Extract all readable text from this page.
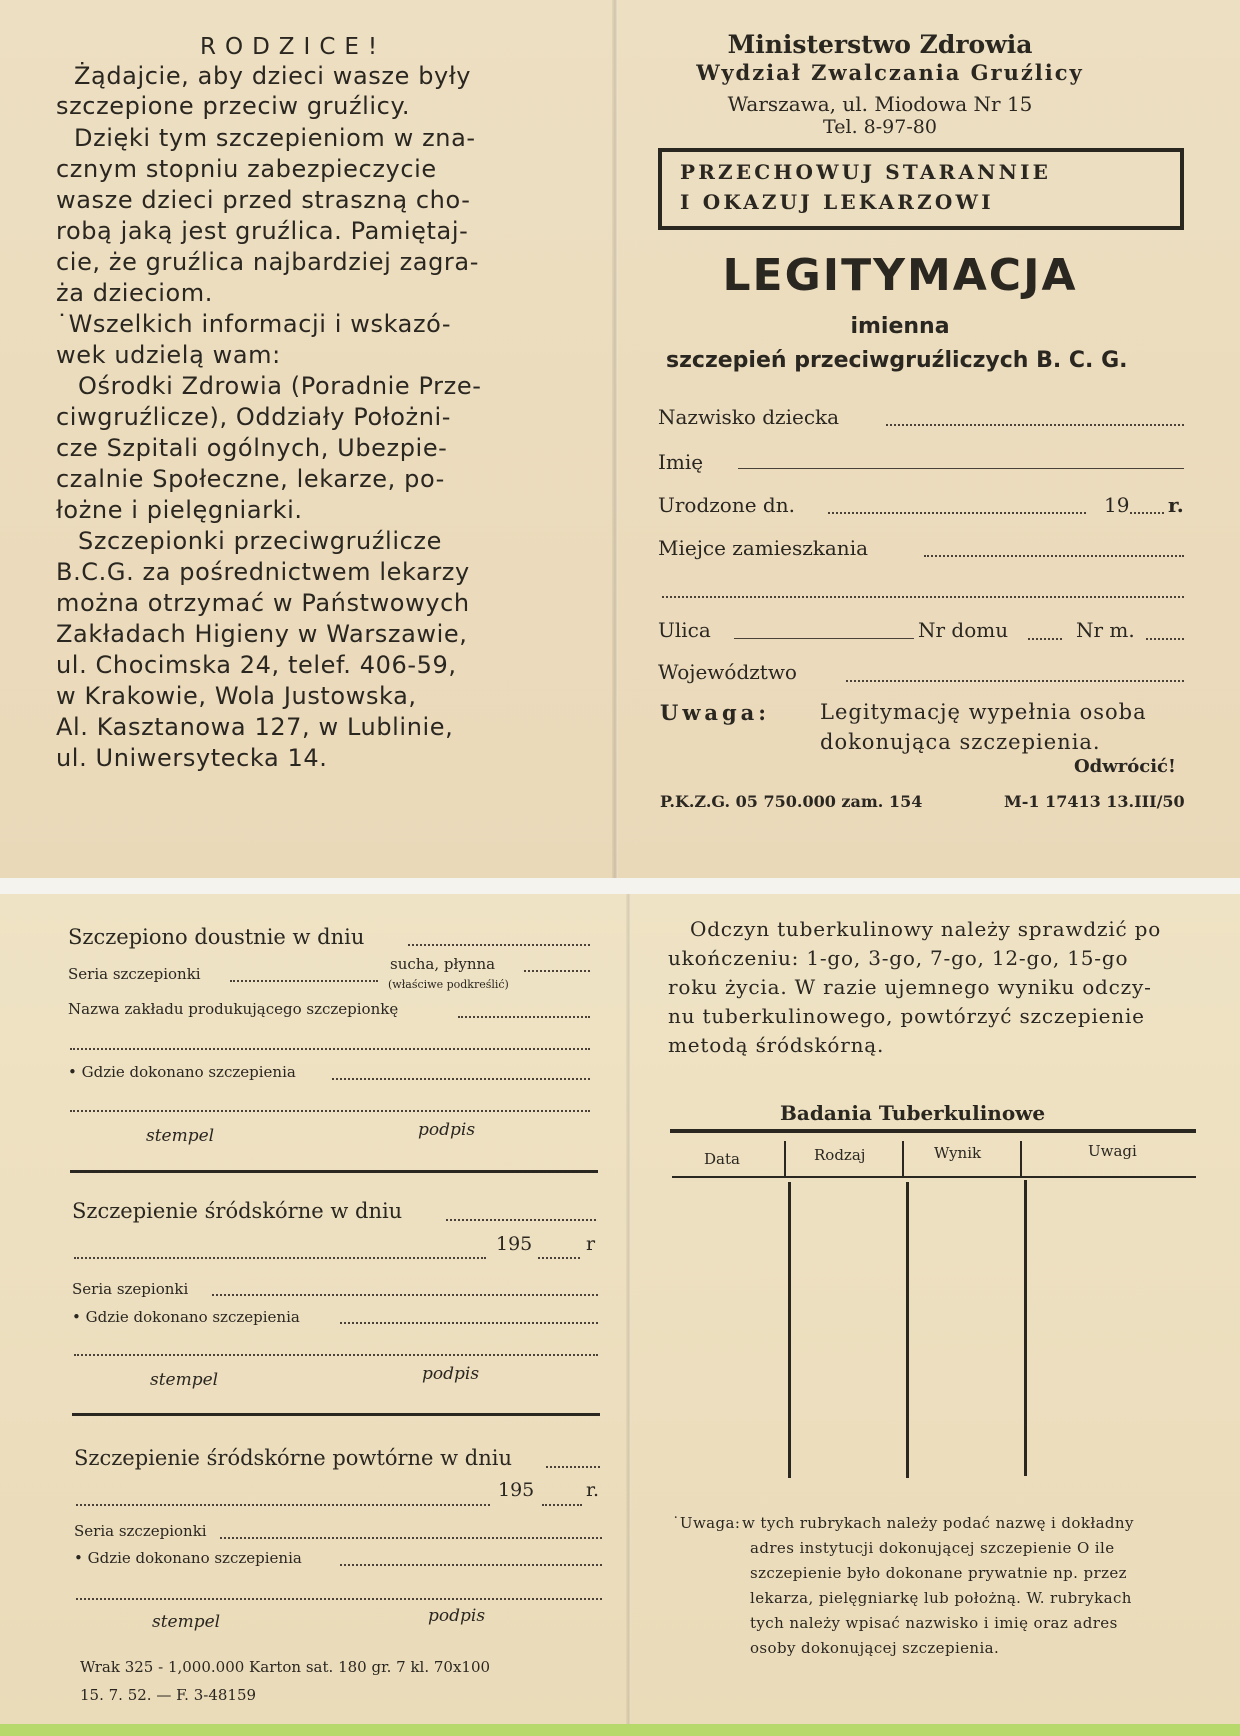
RODZICE!
Żądajcie, aby dzieci wasze były
szczepione przeciw gruźlicy.
Dzięki tym szczepieniom w zna-
cznym stopniu zabezpieczycie
wasze dzieci przed straszną cho-
robą jaką jest gruźlica. Pamiętaj-
cie, że gruźlica najbardziej zagra-
ża dzieciom.
˙Wszelkich informacji i wskazó-
wek udzielą wam:
Ośrodki Zdrowia (Poradnie Prze-
ciwgruźlicze), Oddziały Położni-
cze Szpitali ogólnych, Ubezpie-
czalnie Społeczne, lekarze, po-
łożne i pielęgniarki.
Szczepionki przeciwgruźlicze
B.C.G. za pośrednictwem lekarzy
można otrzymać w Państwowych
Zakładach Higieny w Warszawie,
ul. Chocimska 24, telef. 406-59,
w Krakowie, Wola Justowska,
Al. Kasztanowa 127, w Lublinie,
ul. Uniwersytecka 14.
Ministerstwo Zdrowia
Wydział Zwalczania Gruźlicy
Warszawa, ul. Miodowa Nr 15
Tel. 8-97-80
PRZECHOWUJ STARANNIE
I OKAZUJ LEKARZOWI
LEGITYMACJA
imienna
szczepień przeciwgruźliczych B. C. G.
Nazwisko dziecka
Imię
Urodzone dn.	19 r.
Miejce zamieszkania
Ulica	Nr domu	Nr m.
Województwo
Uwaga: Legitymację wypełnia osoba
dokonująca szczepienia.
Odwrócić!
P.K.Z.G. 05 750.000 zam. 154	M-1 17413 13.III/50
Szczepiono doustnie w dniu
Seria szczepionki
sucha, płynna
(właściwe podkreślić)
Nazwa zakładu produkującego szczepionkę
• Gdzie dokonano szczepienia
stempel	podpis
Szczepienie śródskórne w dniu
195	r
Seria szepionki
• Gdzie dokonano szczepienia
stempel	podpis
Szczepienie śródskórne powtórne w dniu
195	r.
Seria szczepionki
• Gdzie dokonano szczepienia
stempel	podpis
Wrak 325 - 1,000.000 Karton sat. 180 gr. 7 kl. 70x100
15. 7. 52. — F. 3-48159
Odczyn tuberkulinowy należy sprawdzić po
ukończeniu: 1-go, 3-go, 7-go, 12-go, 15-go
roku życia. W razie ujemnego wyniku odczy-
nu tuberkulinowego, powtórzyć szczepienie
metodą śródskórną.
Badania Tuberkulinowe
Data	Rodzaj	Wynik	Uwagi
˙Uwaga: w tych rubrykach należy podać nazwę i dokładny
adres instytucji dokonującej szczepienie O ile
szczepienie było dokonane prywatnie np. przez
lekarza, pielęgniarkę lub położną. W. rubrykach
tych należy wpisać nazwisko i imię oraz adres
osoby dokonującej szczepienia.
